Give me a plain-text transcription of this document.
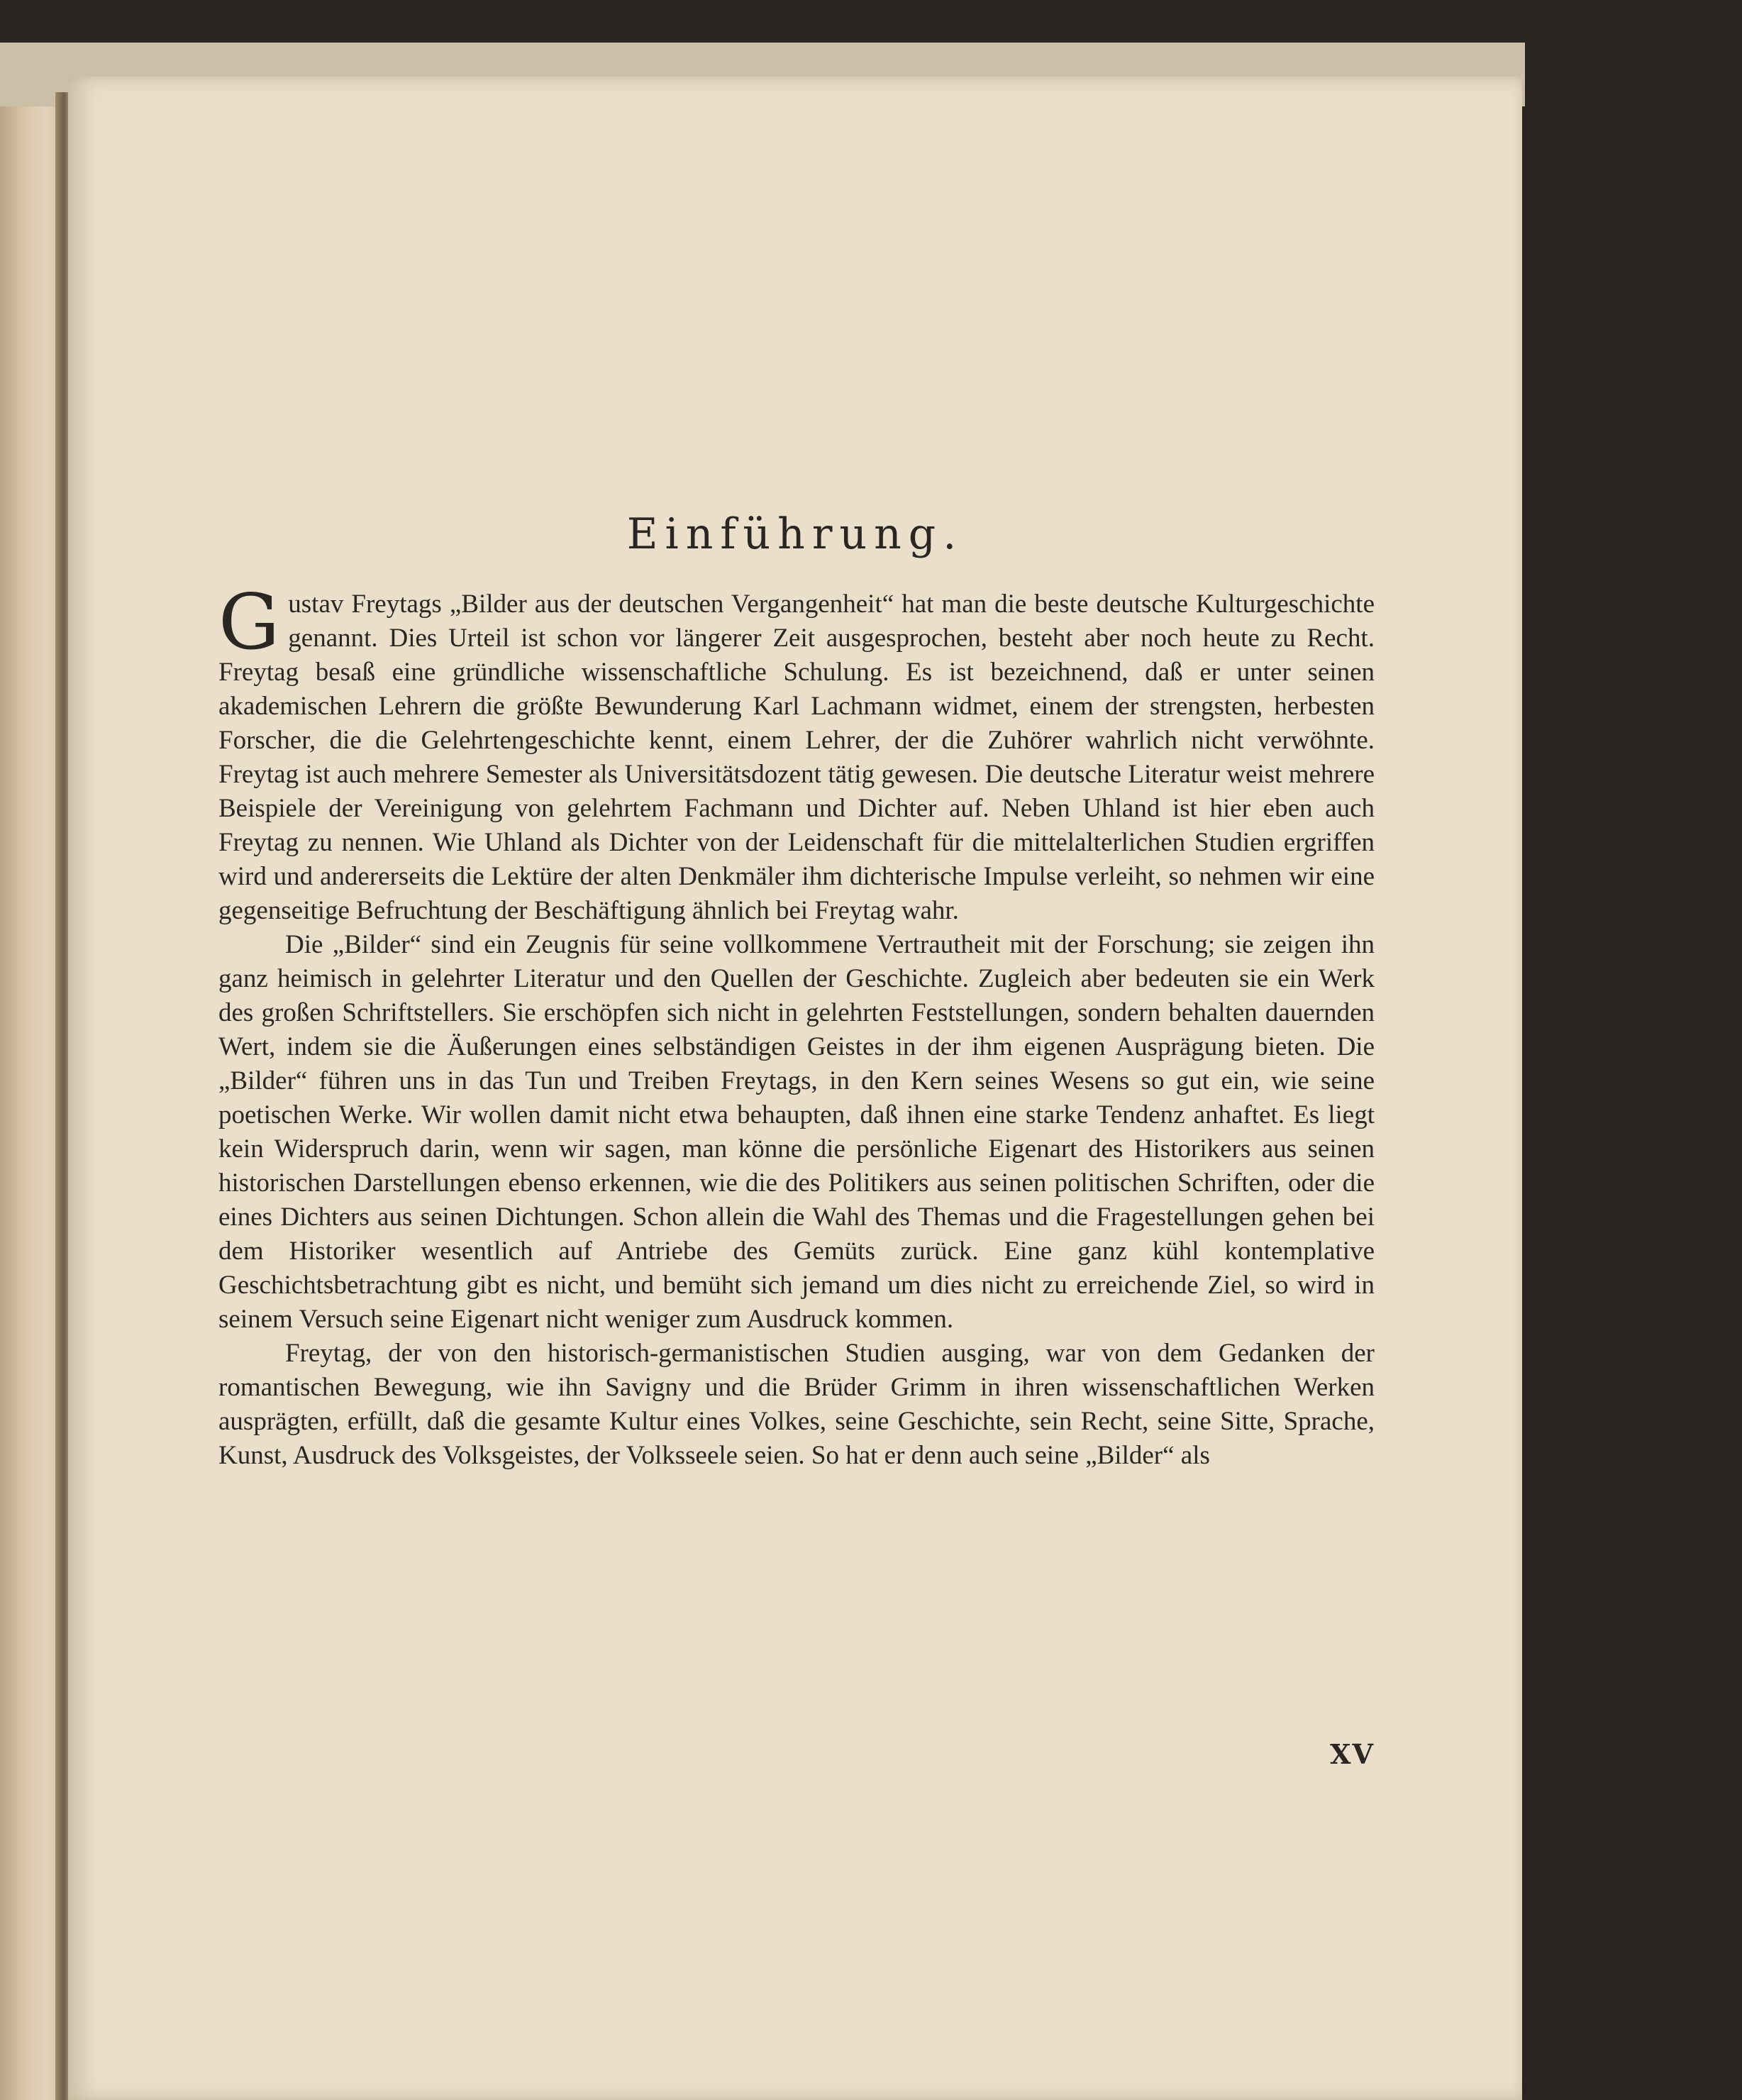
Einführung.

Gustav Freytags „Bilder aus der deutschen Vergangenheit“ hat man die beste deutsche Kulturgeschichte genannt. Dies Urteil ist schon vor längerer Zeit ausgesprochen, besteht aber noch heute zu Recht. Freytag besaß eine gründliche wissenschaftliche Schulung. Es ist bezeichnend, daß er unter seinen akademischen Lehrern die größte Bewunderung Karl Lachmann widmet, einem der strengsten, herbesten Forscher, die die Gelehrtengeschichte kennt, einem Lehrer, der die Zuhörer wahrlich nicht verwöhnte. Freytag ist auch mehrere Semester als Universitätsdozent tätig gewesen. Die deutsche Literatur weist mehrere Beispiele der Vereinigung von gelehrtem Fachmann und Dichter auf. Neben Uhland ist hier eben auch Freytag zu nennen. Wie Uhland als Dichter von der Leidenschaft für die mittelalterlichen Studien ergriffen wird und andererseits die Lektüre der alten Denkmäler ihm dichterische Impulse verleiht, so nehmen wir eine gegenseitige Befruchtung der Beschäftigung ähnlich bei Freytag wahr.

Die „Bilder“ sind ein Zeugnis für seine vollkommene Vertrautheit mit der Forschung; sie zeigen ihn ganz heimisch in gelehrter Literatur und den Quellen der Geschichte. Zugleich aber bedeuten sie ein Werk des großen Schriftstellers. Sie erschöpfen sich nicht in gelehrten Feststellungen, sondern behalten dauernden Wert, indem sie die Äußerungen eines selbständigen Geistes in der ihm eigenen Ausprägung bieten. Die „Bilder“ führen uns in das Tun und Treiben Freytags, in den Kern seines Wesens so gut ein, wie seine poetischen Werke. Wir wollen damit nicht etwa behaupten, daß ihnen eine starke Tendenz anhaftet. Es liegt kein Widerspruch darin, wenn wir sagen, man könne die persönliche Eigenart des Historikers aus seinen historischen Darstellungen ebenso erkennen, wie die des Politikers aus seinen politischen Schriften, oder die eines Dichters aus seinen Dichtungen. Schon allein die Wahl des Themas und die Fragestellungen gehen bei dem Historiker wesentlich auf Antriebe des Gemüts zurück. Eine ganz kühl kontemplative Geschichtsbetrachtung gibt es nicht, und bemüht sich jemand um dies nicht zu erreichende Ziel, so wird in seinem Versuch seine Eigenart nicht weniger zum Ausdruck kommen.

Freytag, der von den historisch-germanistischen Studien ausging, war von dem Gedanken der romantischen Bewegung, wie ihn Savigny und die Brüder Grimm in ihren wissenschaftlichen Werken ausprägten, erfüllt, daß die gesamte Kultur eines Volkes, seine Geschichte, sein Recht, seine Sitte, Sprache, Kunst, Ausdruck des Volksgeistes, der Volksseele seien. So hat er denn auch seine „Bilder“ als

XV
